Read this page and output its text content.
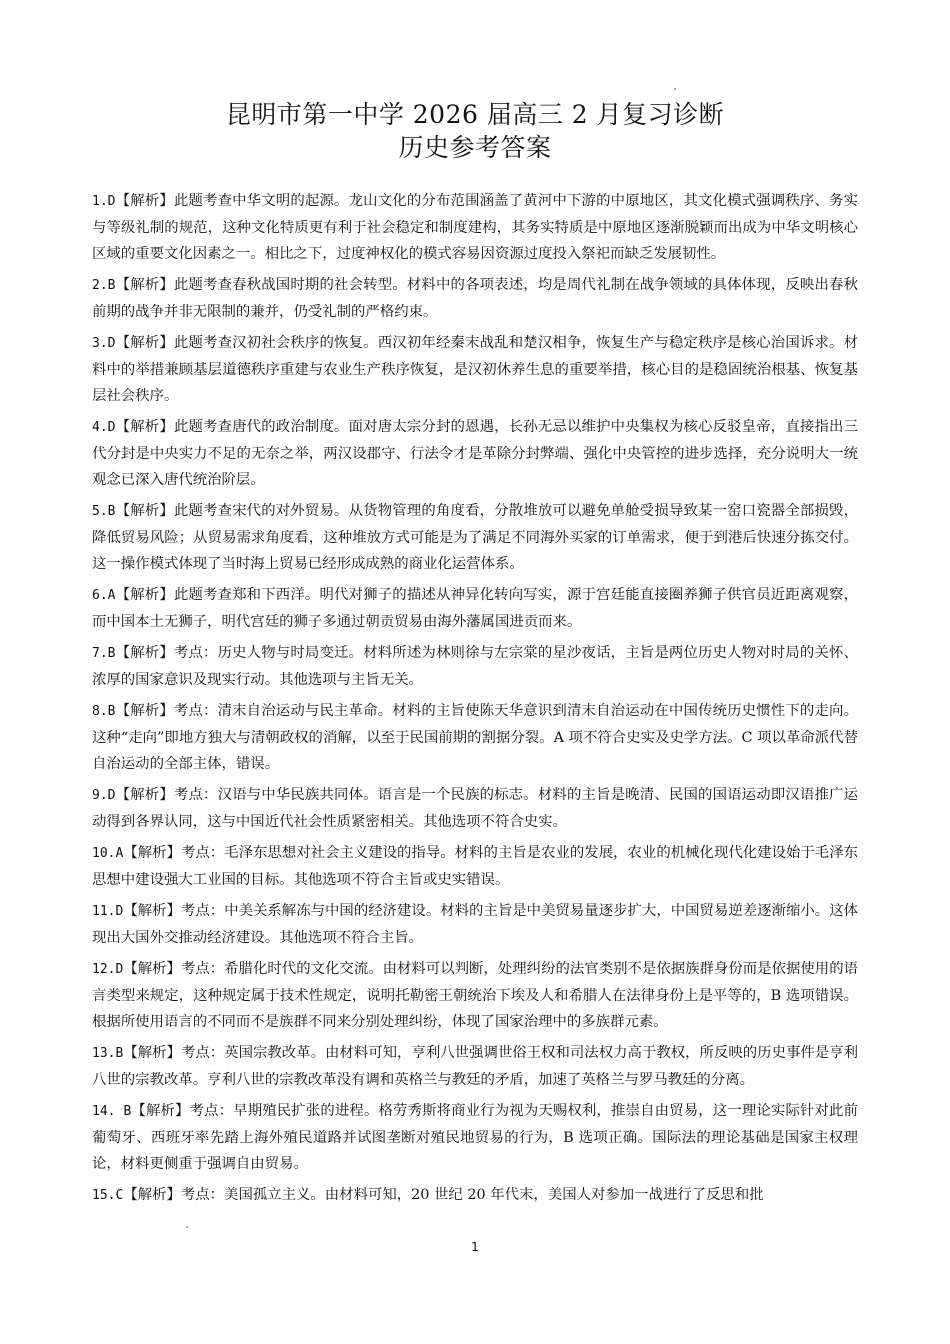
昆明市第一中学 2026 届高三 2 月复习诊断
历史参考答案
1.D【解析】此题考查中华文明的起源。龙山文化的分布范围涵盖了黄河中下游的中原地区，其文化模式强调秩序、务实与等级礼制的规范，这种文化特质更有利于社会稳定和制度建构，其务实特质是中原地区逐渐脱颖而出成为中华文明核心区域的重要文化因素之一。相比之下，过度神权化的模式容易因资源过度投入祭祀而缺乏发展韧性。
2.B【解析】此题考查春秋战国时期的社会转型。材料中的各项表述，均是周代礼制在战争领域的具体体现，反映出春秋前期的战争并非无限制的兼并，仍受礼制的严格约束。
3.D【解析】此题考查汉初社会秩序的恢复。西汉初年经秦末战乱和楚汉相争，恢复生产与稳定秩序是核心治国诉求。材料中的举措兼顾基层道德秩序重建与农业生产秩序恢复，是汉初休养生息的重要举措，核心目的是稳固统治根基、恢复基层社会秩序。
4.D【解析】此题考查唐代的政治制度。面对唐太宗分封的恩遇，长孙无忌以维护中央集权为核心反驳皇帝，直接指出三代分封是中央实力不足的无奈之举，两汉设郡守、行法令才是革除分封弊端、强化中央管控的进步选择，充分说明大一统观念已深入唐代统治阶层。
5.B【解析】此题考查宋代的对外贸易。从货物管理的角度看，分散堆放可以避免单舱受损导致某一窑口瓷器全部损毁，降低贸易风险；从贸易需求角度看，这种堆放方式可能是为了满足不同海外买家的订单需求，便于到港后快速分拣交付。这一操作模式体现了当时海上贸易已经形成成熟的商业化运营体系。
6.A【解析】此题考查郑和下西洋。明代对狮子的描述从神异化转向写实，源于宫廷能直接圈养狮子供官员近距离观察，而中国本土无狮子，明代宫廷的狮子多通过朝贡贸易由海外藩属国进贡而来。
7.B【解析】考点：历史人物与时局变迁。材料所述为林则徐与左宗棠的星沙夜话，主旨是两位历史人物对时局的关怀、浓厚的国家意识及现实行动。其他选项与主旨无关。
8.B【解析】考点：清末自治运动与民主革命。材料的主旨使陈天华意识到清末自治运动在中国传统历史惯性下的走向。这种“走向”即地方独大与清朝政权的消解，以至于民国前期的割据分裂。A 项不符合史实及史学方法。C 项以革命派代替自治运动的全部主体，错误。
9.D【解析】考点：汉语与中华民族共同体。语言是一个民族的标志。材料的主旨是晚清、民国的国语运动即汉语推广运动得到各界认同，这与中国近代社会性质紧密相关。其他选项不符合史实。
10.A【解析】考点：毛泽东思想对社会主义建设的指导。材料的主旨是农业的发展，农业的机械化现代化建设始于毛泽东思想中建设强大工业国的目标。其他选项不符合主旨或史实错误。
11.D【解析】考点：中美关系解冻与中国的经济建设。材料的主旨是中美贸易量逐步扩大，中国贸易逆差逐渐缩小。这体现出大国外交推动经济建设。其他选项不符合主旨。
12.D【解析】考点：希腊化时代的文化交流。由材料可以判断，处理纠纷的法官类别不是依据族群身份而是依据使用的语言类型来规定，这种规定属于技术性规定，说明托勒密王朝统治下埃及人和希腊人在法律身份上是平等的，B 选项错误。根据所使用语言的不同而不是族群不同来分别处理纠纷，体现了国家治理中的多族群元素。
13.B【解析】考点：英国宗教改革。由材料可知，亨利八世强调世俗王权和司法权力高于教权，所反映的历史事件是亨利八世的宗教改革。亨利八世的宗教改革没有调和英格兰与教廷的矛盾，加速了英格兰与罗马教廷的分离。
14. B【解析】考点：早期殖民扩张的进程。格劳秀斯将商业行为视为天赐权利，推崇自由贸易，这一理论实际针对此前葡萄牙、西班牙率先踏上海外殖民道路并试图垄断对殖民地贸易的行为，B 选项正确。国际法的理论基础是国家主权理论，材料更侧重于强调自由贸易。
15.C【解析】考点：美国孤立主义。由材料可知，20 世纪 20 年代末，美国人对参加一战进行了反思和批
1
